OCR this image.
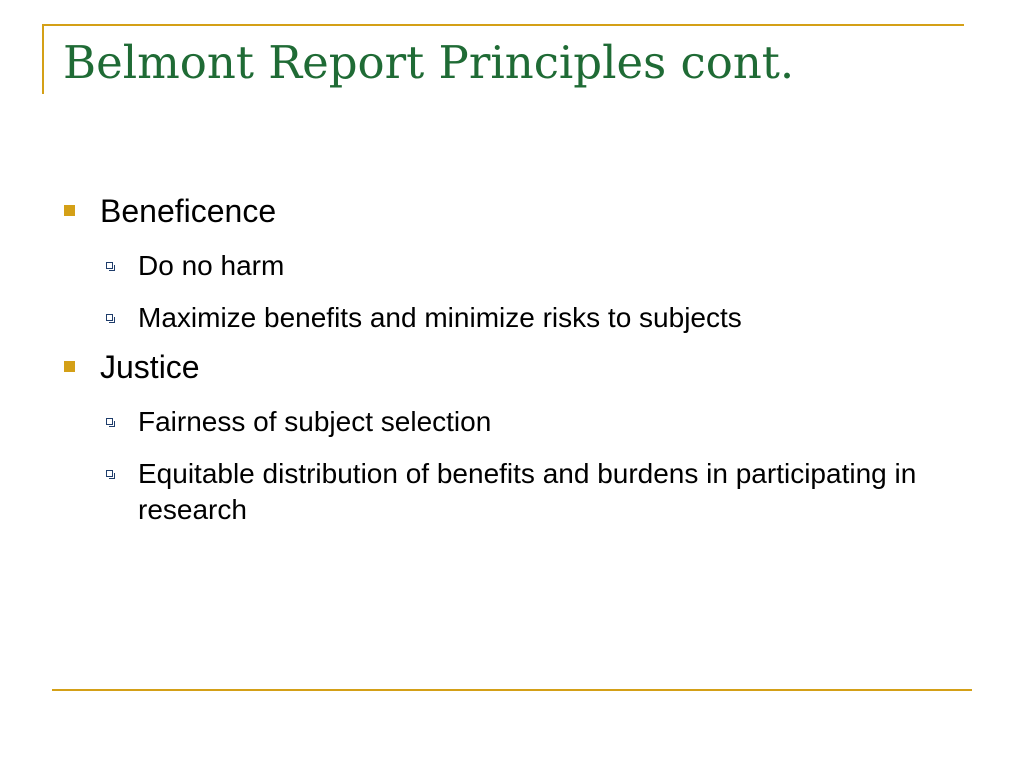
Belmont Report Principles cont.
Beneficence
Do no harm
Maximize benefits and minimize risks to subjects
Justice
Fairness of subject selection
Equitable distribution of benefits and burdens in participating in research
